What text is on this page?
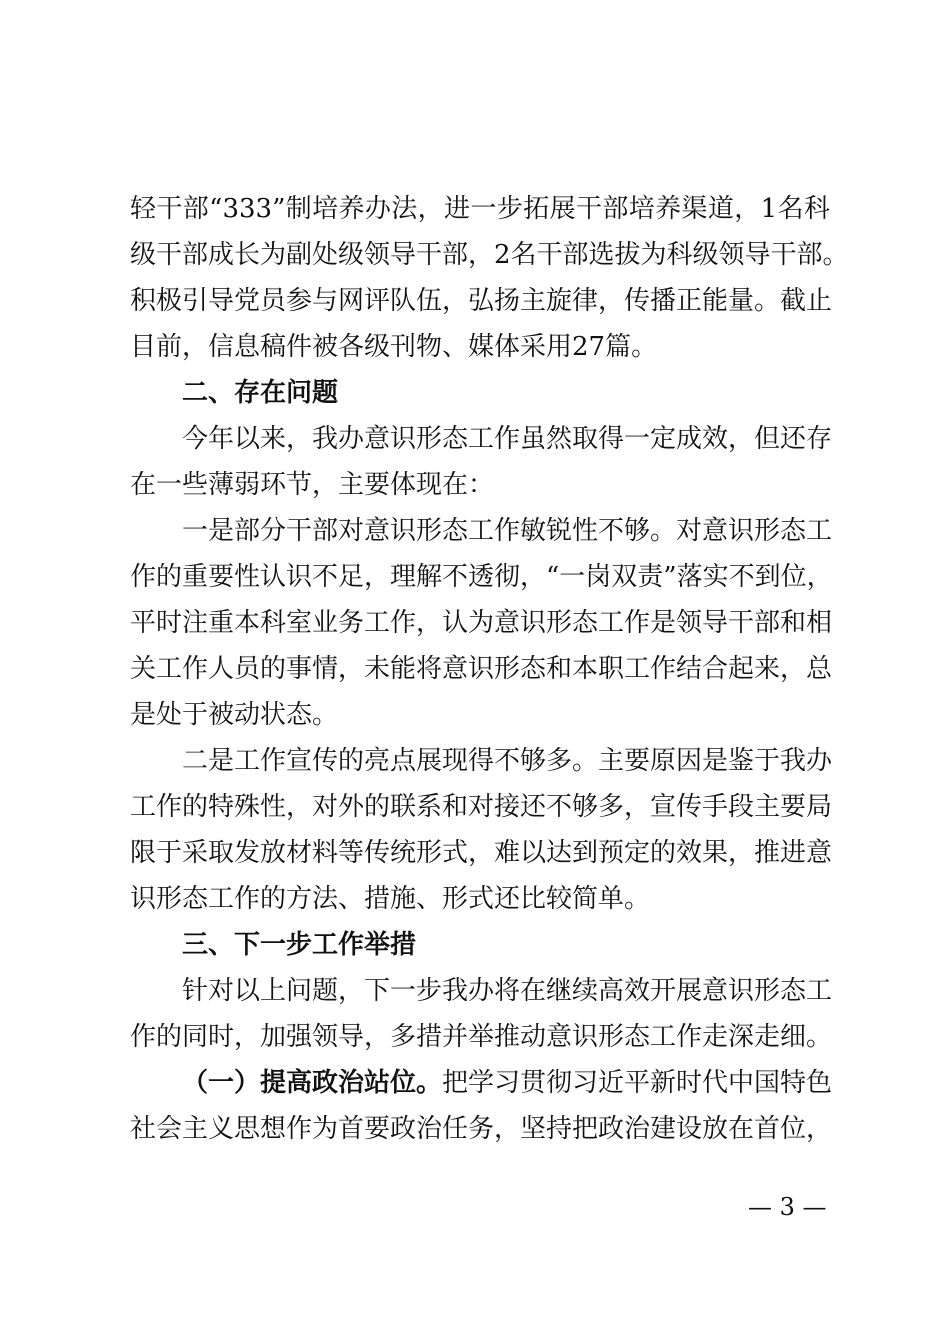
轻干部“333”制培养办法，进一步拓展干部培养渠道，1名科
级干部成长为副处级领导干部，2名干部选拔为科级领导干部。
积极引导党员参与网评队伍，弘扬主旋律，传播正能量。截止
目前，信息稿件被各级刊物、媒体采用27篇。
二、存在问题
今年以来，我办意识形态工作虽然取得一定成效，但还存
在一些薄弱环节，主要体现在：
一是部分干部对意识形态工作敏锐性不够。对意识形态工
作的重要性认识不足，理解不透彻，“一岗双责”落实不到位，
平时注重本科室业务工作，认为意识形态工作是领导干部和相
关工作人员的事情，未能将意识形态和本职工作结合起来，总
是处于被动状态。
二是工作宣传的亮点展现得不够多。主要原因是鉴于我办
工作的特殊性，对外的联系和对接还不够多，宣传手段主要局
限于采取发放材料等传统形式，难以达到预定的效果，推进意
识形态工作的方法、措施、形式还比较简单。
三、下一步工作举措
针对以上问题，下一步我办将在继续高效开展意识形态工
作的同时，加强领导，多措并举推动意识形态工作走深走细。
（一）提高政治站位。把学习贯彻习近平新时代中国特色
社会主义思想作为首要政治任务，坚持把政治建设放在首位，
— 3 —
